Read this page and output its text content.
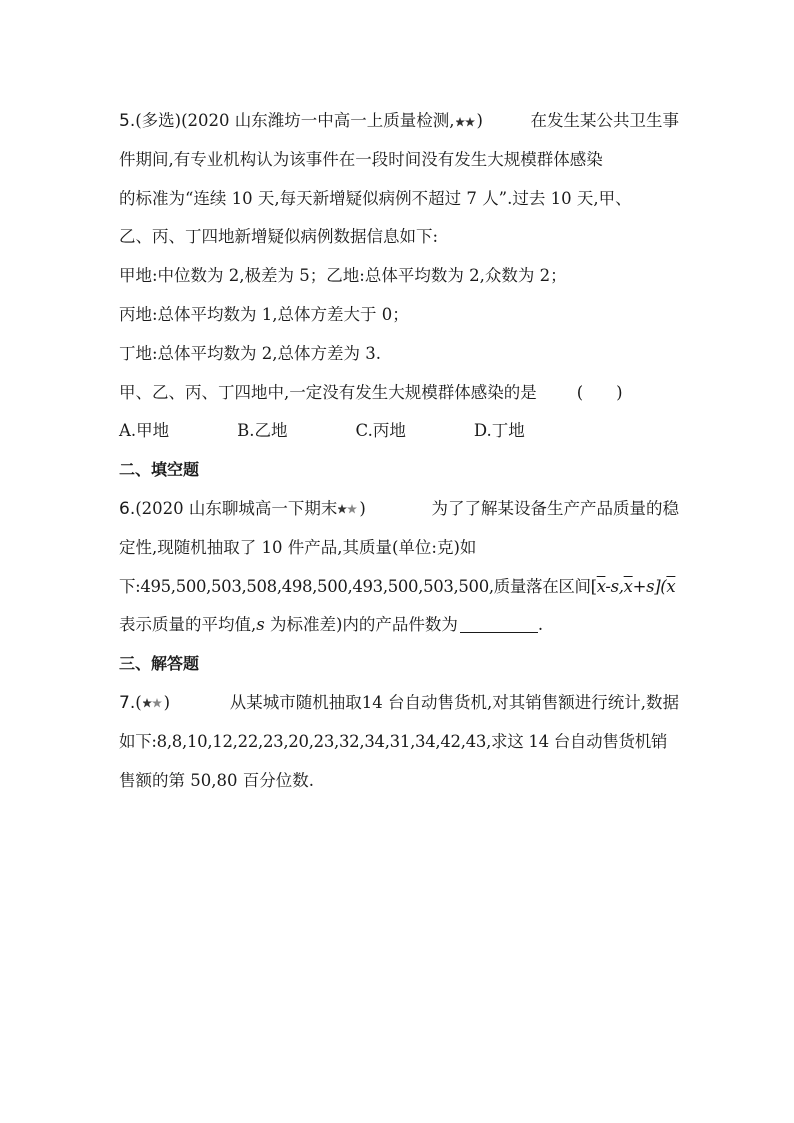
5.(多选)(2020 山东潍坊一中高一上质量检测, )	在发生某公共卫生事
件期间,有专业机构认为该事件在一段时间没有发生大规模群体感染
的标准为“连续 10 天,每天新增疑似病例不超过 7 人”.过去 10 天,甲、
乙、丙、丁四地新增疑似病例数据信息如下:
甲地:中位数为 2,极差为 5；乙地:总体平均数为 2,众数为 2；
丙地:总体平均数为 1,总体方差大于 0；
丁地:总体平均数为 2,总体方差为 3.
甲、乙、丙、丁四地中,一定没有发生大规模群体感染的是 (　　)
A.甲地	B.乙地	C.丙地	D.丁地
二、填空题
6.(2020 山东聊城高一下期末 )	为了了解某设备生产产品质量的稳
定性,现随机抽取了 10 件产品,其质量(单位:克)如
下:495,500,503,508,498,500,493,500,503,500,质量落在区间$[\overline{x}-s,\overline{x}+s](\overline{x}$
表示质量的平均值,s 为标准差)内的产品件数为	.
三、解答题
7.( )	从某城市随机抽取14 台自动售货机,对其销售额进行统计,数据
如下:8,8,10,12,22,23,20,23,32,34,31,34,42,43,求这 14 台自动售货机销
售额的第 50,80 百分位数.
